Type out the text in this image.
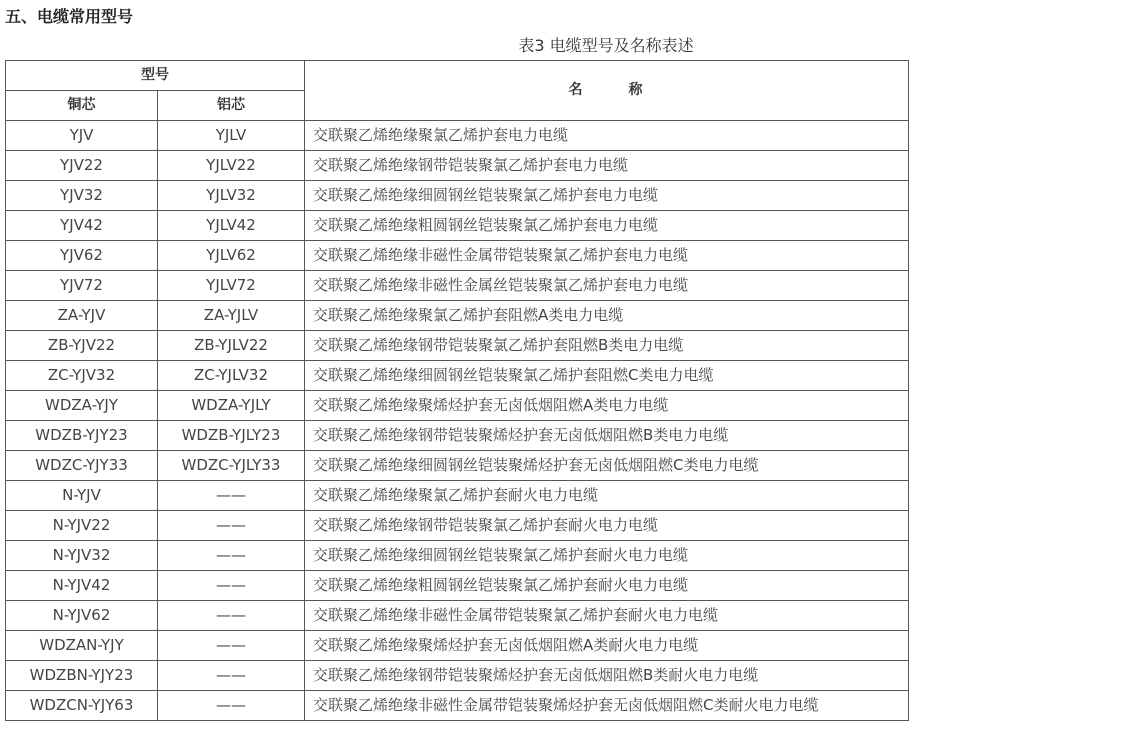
五、电缆常用型号
表3 电缆型号及名称表述
型号		名 称
铜芯	铝芯	
YJV	YJLV	交联聚乙烯绝缘聚氯乙烯护套电力电缆
YJV22	YJLV22	交联聚乙烯绝缘钢带铠装聚氯乙烯护套电力电缆
YJV32	YJLV32	交联聚乙烯绝缘细圆钢丝铠装聚氯乙烯护套电力电缆
YJV42	YJLV42	交联聚乙烯绝缘粗圆钢丝铠装聚氯乙烯护套电力电缆
YJV62	YJLV62	交联聚乙烯绝缘非磁性金属带铠装聚氯乙烯护套电力电缆
YJV72	YJLV72	交联聚乙烯绝缘非磁性金属丝铠装聚氯乙烯护套电力电缆
ZA-YJV	ZA-YJLV	交联聚乙烯绝缘聚氯乙烯护套阻燃A类电力电缆
ZB-YJV22	ZB-YJLV22	交联聚乙烯绝缘钢带铠装聚氯乙烯护套阻燃B类电力电缆
ZC-YJV32	ZC-YJLV32	交联聚乙烯绝缘细圆钢丝铠装聚氯乙烯护套阻燃C类电力电缆
WDZA-YJY	WDZA-YJLY	交联聚乙烯绝缘聚烯烃护套无卤低烟阻燃A类电力电缆
WDZB-YJY23	WDZB-YJLY23	交联聚乙烯绝缘钢带铠装聚烯烃护套无卤低烟阻燃B类电力电缆
WDZC-YJY33	WDZC-YJLY33	交联聚乙烯绝缘细圆钢丝铠装聚烯烃护套无卤低烟阻燃C类电力电缆
N-YJV	——	交联聚乙烯绝缘聚氯乙烯护套耐火电力电缆
N-YJV22	——	交联聚乙烯绝缘钢带铠装聚氯乙烯护套耐火电力电缆
N-YJV32	——	交联聚乙烯绝缘细圆钢丝铠装聚氯乙烯护套耐火电力电缆
N-YJV42	——	交联聚乙烯绝缘粗圆钢丝铠装聚氯乙烯护套耐火电力电缆
N-YJV62	——	交联聚乙烯绝缘非磁性金属带铠装聚氯乙烯护套耐火电力电缆
WDZAN-YJY	——	交联聚乙烯绝缘聚烯烃护套无卤低烟阻燃A类耐火电力电缆
WDZBN-YJY23	——	交联聚乙烯绝缘钢带铠装聚烯烃护套无卤低烟阻燃B类耐火电力电缆
WDZCN-YJY63	——	交联聚乙烯绝缘非磁性金属带铠装聚烯烃护套无卤低烟阻燃C类耐火电力电缆
